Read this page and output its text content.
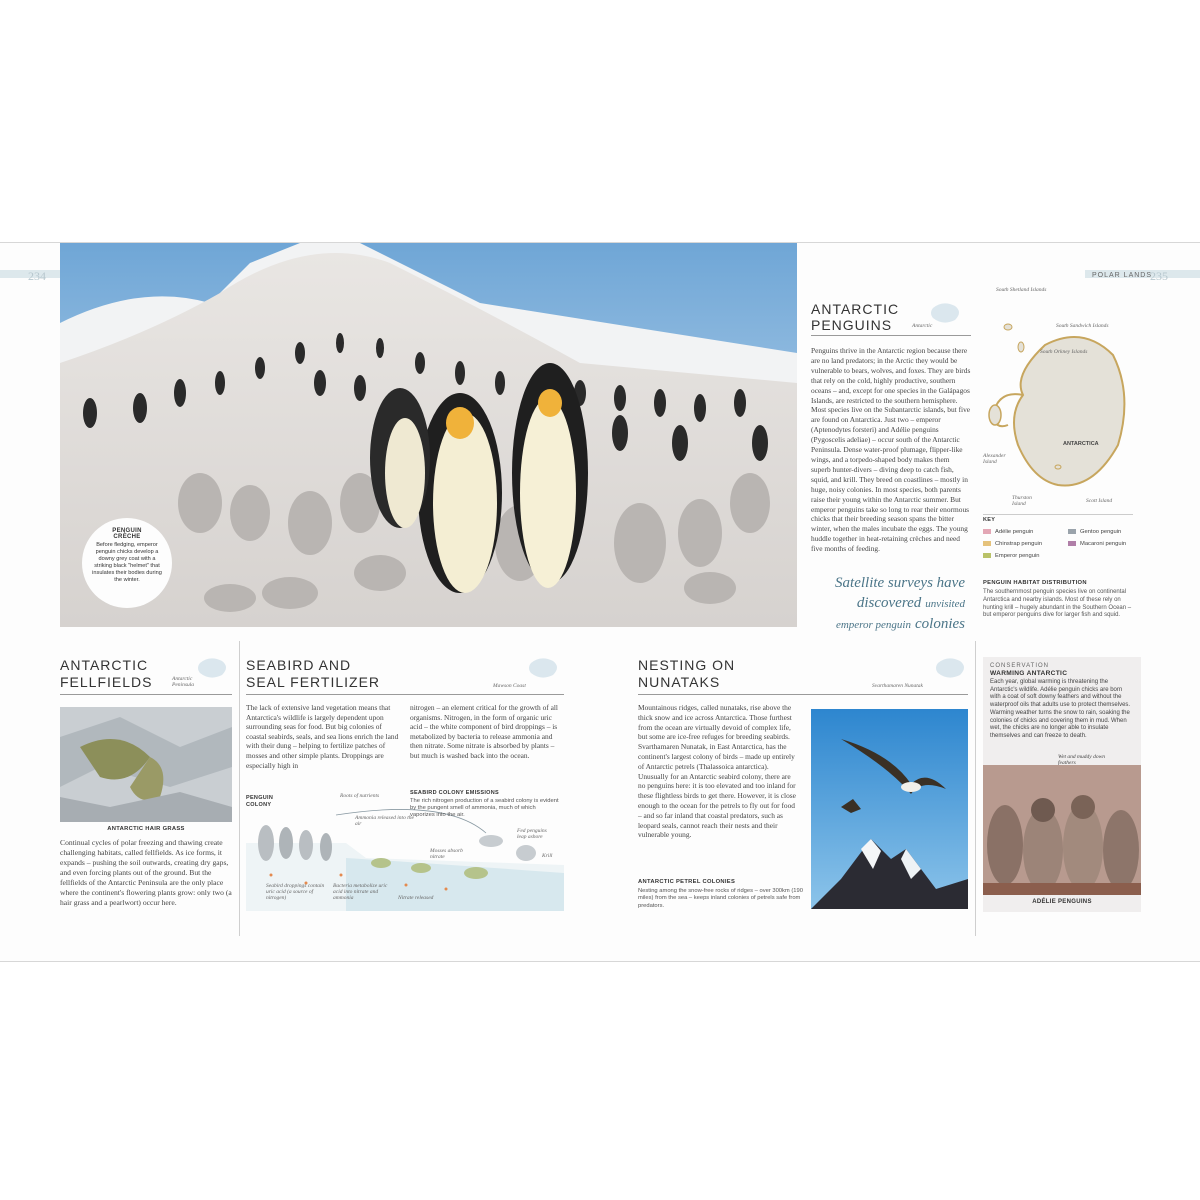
234	POLAR LANDS
235
PENGUIN
CRÈCHE
Before fledging, emperor penguin chicks develop a downy grey coat with a striking black "helmet" that insulates their bodies during the winter.
ANTARCTIC
PENGUINS	Antarctic
Penguins thrive in the Antarctic region because there are no land predators; in the Arctic they would be vulnerable to bears, wolves, and foxes. They are birds that rely on the cold, highly productive, southern oceans – and, except for one species in the Galápagos Islands, are restricted to the southern hemisphere. Most species live on the Subantarctic islands, but five are found on Antarctica. Just two – emperor (Aptenodytes forsteri) and Adélie penguins (Pygoscelis adeliae) – occur south of the Antarctic Peninsula. Dense water-proof plumage, flipper-like wings, and a torpedo-shaped body makes them superb hunter-divers – diving deep to catch fish, squid, and krill. They breed on coastlines – mostly in huge, noisy colonies. In most species, both parents raise their young within the Antarctic summer. But emperor penguins take so long to rear their enormous chicks that their breeding season spans the bitter winter, when the males incubate the eggs. The young huddle together in heat-retaining crèches and need five months of feeding.
Satellite surveys have
discovered unvisited
emperor penguin colonies
South Shetland Islands
South Sandwich Islands
South Orkney Islands
ANTARCTICA
Alexander Island
Thurston Island	Scott Island
KEY
Adélie penguin	Gentoo penguin
Chinstrap penguin	Macaroni penguin
Emperor penguin
PENGUIN HABITAT DISTRIBUTION
The southernmost penguin species live on continental Antarctica and nearby islands. Most of these rely on hunting krill – hugely abundant in the Southern Ocean – but emperor penguins dive for larger fish and squid.
ANTARCTIC
FELLFIELDS	Antarctic Peninsula
ANTARCTIC HAIR GRASS
Continual cycles of polar freezing and thawing create challenging habitats, called fellfields. As ice forms, it expands – pushing the soil outwards, creating dry gaps, and even forcing plants out of the ground. But the fellfields of the Antarctic Peninsula are the only place where the continent's flowering plants grow: only two (a hair grass and a pearlwort) occur here.
SEABIRD AND
SEAL FERTILIZER	Mawson Coast
The lack of extensive land vegetation means that Antarctica's wildlife is largely dependent upon surrounding seas for food. But big colonies of coastal seabirds, seals, and sea lions enrich the land with their dung – helping to fertilize patches of mosses and other simple plants. Droppings are especially high in
nitrogen – an element critical for the growth of all organisms. Nitrogen, in the form of organic uric acid – the white component of bird droppings – is metabolized by bacteria to release ammonia and then nitrate. Some nitrate is absorbed by plants – but much is washed back into the ocean.
PENGUIN
COLONY
Roots of nutrients
Ammonia released into the air
SEABIRD COLONY EMISSIONS
The rich nitrogen production of a seabird colony is evident by the pungent smell of ammonia, much of which vaporizes into the air.
Fed penguins leap ashore
Krill
Mosses absorb nitrate
Seabird droppings contain uric acid (a source of nitrogen)
Bacteria metabolize uric acid into nitrate and ammonia	Nitrate released
NESTING ON
NUNATAKS	Svarthamaren Nunatak
Mountainous ridges, called nunataks, rise above the thick snow and ice across Antarctica. Those furthest from the ocean are virtually devoid of complex life, but some are ice-free refuges for breeding seabirds. Svarthamaren Nunatak, in East Antarctica, has the continent's largest colony of birds – made up entirely of Antarctic petrels (Thalassoica antarctica). Unusually for an Antarctic seabird colony, there are no penguins here: it is too elevated and too inland for these flightless birds to get there. However, it is close enough to the ocean for the petrels to fly out for food – and so far inland that coastal predators, such as leopard seals, cannot reach their nests and their vulnerable young.
ANTARCTIC PETREL COLONIES
Nesting among the snow-free rocks of ridges – over 300km (190 miles) from the sea – keeps inland colonies of petrels safe from predators.
CONSERVATION
WARMING ANTARCTIC
Each year, global warming is threatening the Antarctic's wildlife. Adélie penguin chicks are born with a coat of soft downy feathers and without the waterproof oils that adults use to protect themselves. Warming weather turns the snow to rain, soaking the colonies of chicks and covering them in mud. When wet, the chicks are no longer able to insulate themselves and can freeze to death.
Wet and muddy down feathers
ADÉLIE PENGUINS
